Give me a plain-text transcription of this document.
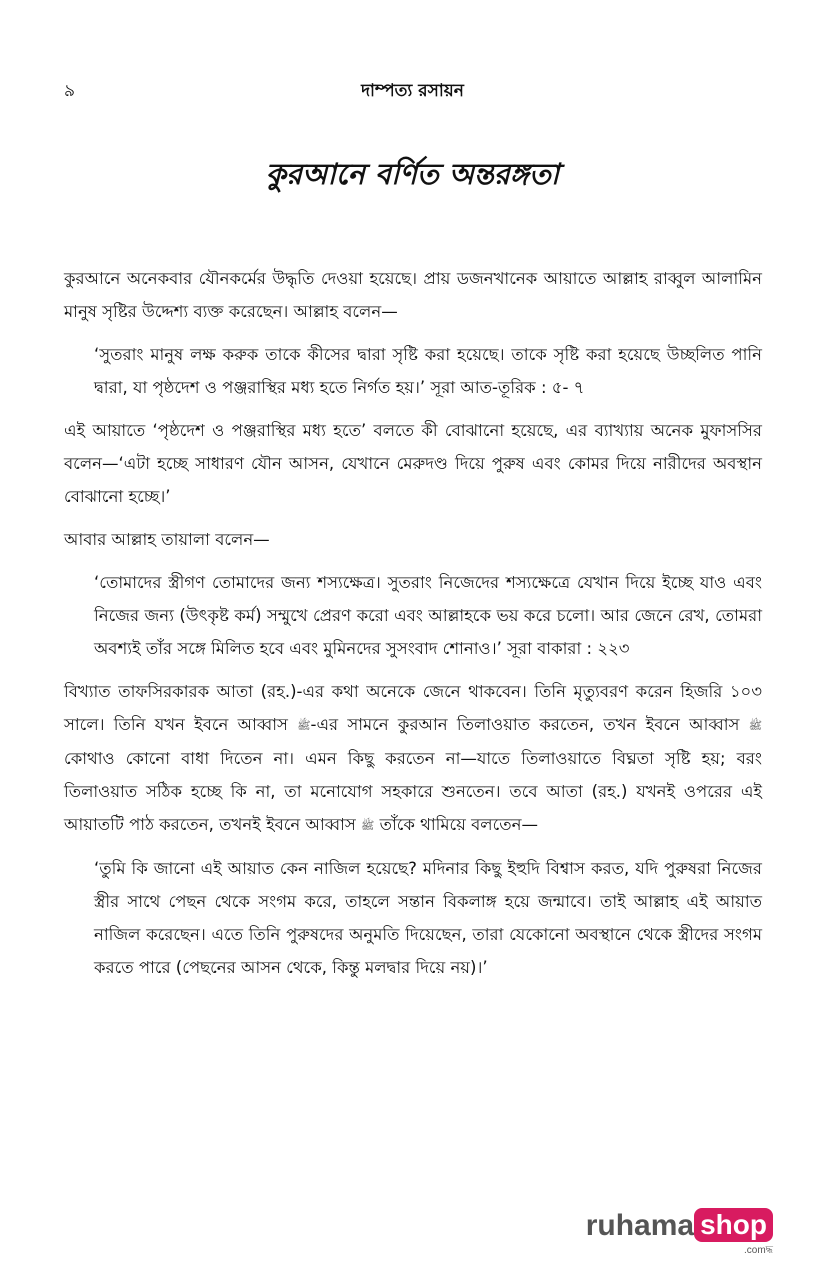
৯	দাম্পত্য রসায়ন
কুরআনে বর্ণিত অন্তরঙ্গতা

কুরআনে অনেকবার যৌনকর্মের উদ্ধৃতি দেওয়া হয়েছে। প্রায় ডজনখানেক আয়াতে আল্লাহ রাব্বুল আলামিন মানুষ সৃষ্টির উদ্দেশ্য ব্যক্ত করেছেন। আল্লাহ বলেন—

‘সুতরাং মানুষ লক্ষ করুক তাকে কীসের দ্বারা সৃষ্টি করা হয়েছে। তাকে সৃষ্টি করা হয়েছে উচ্ছলিত পানি দ্বারা, যা পৃষ্ঠদেশ ও পঞ্জরাস্থির মধ্য হতে নির্গত হয়।’ সূরা আত-তূরিক : ৫- ৭

এই আয়াতে ‘পৃষ্ঠদেশ ও পঞ্জরাস্থির মধ্য হতে’ বলতে কী বোঝানো হয়েছে, এর ব্যাখ্যায় অনেক মুফাসসির বলেন—‘এটা হচ্ছে সাধারণ যৌন আসন, যেখানে মেরুদণ্ড দিয়ে পুরুষ এবং কোমর দিয়ে নারীদের অবস্থান বোঝানো হচ্ছে।’

আবার আল্লাহ তায়ালা বলেন—

‘তোমাদের স্ত্রীগণ তোমাদের জন্য শস্যক্ষেত্র। সুতরাং নিজেদের শস্যক্ষেত্রে যেখান দিয়ে ইচ্ছে যাও এবং নিজের জন্য (উৎকৃষ্ট কর্ম) সম্মুখে প্রেরণ করো এবং আল্লাহকে ভয় করে চলো। আর জেনে রেখ, তোমরা অবশ্যই তাঁর সঙ্গে মিলিত হবে এবং মুমিনদের সুসংবাদ শোনাও।’ সূরা বাকারা : ২২৩

বিখ্যাত তাফসিরকারক আতা (রহ.)-এর কথা অনেকে জেনে থাকবেন। তিনি মৃত্যুবরণ করেন হিজরি ১০৩ সালে। তিনি যখন ইবনে আব্বাস ﷺ-এর সামনে কুরআন তিলাওয়াত করতেন, তখন ইবনে আব্বাস ﷺ কোথাও কোনো বাধা দিতেন না। এমন কিছু করতেন না—যাতে তিলাওয়াতে বিঘ্নতা সৃষ্টি হয়; বরং তিলাওয়াত সঠিক হচ্ছে কি না, তা মনোযোগ সহকারে শুনতেন। তবে আতা (রহ.) যখনই ওপরের এই আয়াতটি পাঠ করতেন, তখনই ইবনে আব্বাস ﷺ তাঁকে থামিয়ে বলতেন—

‘তুমি কি জানো এই আয়াত কেন নাজিল হয়েছে? মদিনার কিছু ইহুদি বিশ্বাস করত, যদি পুরুষরা নিজের স্ত্রীর সাথে পেছন থেকে সংগম করে, তাহলে সন্তান বিকলাঙ্গ হয়ে জন্মাবে। তাই আল্লাহ এই আয়াত নাজিল করেছেন। এতে তিনি পুরুষদের অনুমতি দিয়েছেন, তারা যেকোনো অবস্থানে থেকে স্ত্রীদের সংগম করতে পারে (পেছনের আসন থেকে, কিন্তু মলদ্বার দিয়ে নয়)।’

ruhama shop
.comদ্ধ
